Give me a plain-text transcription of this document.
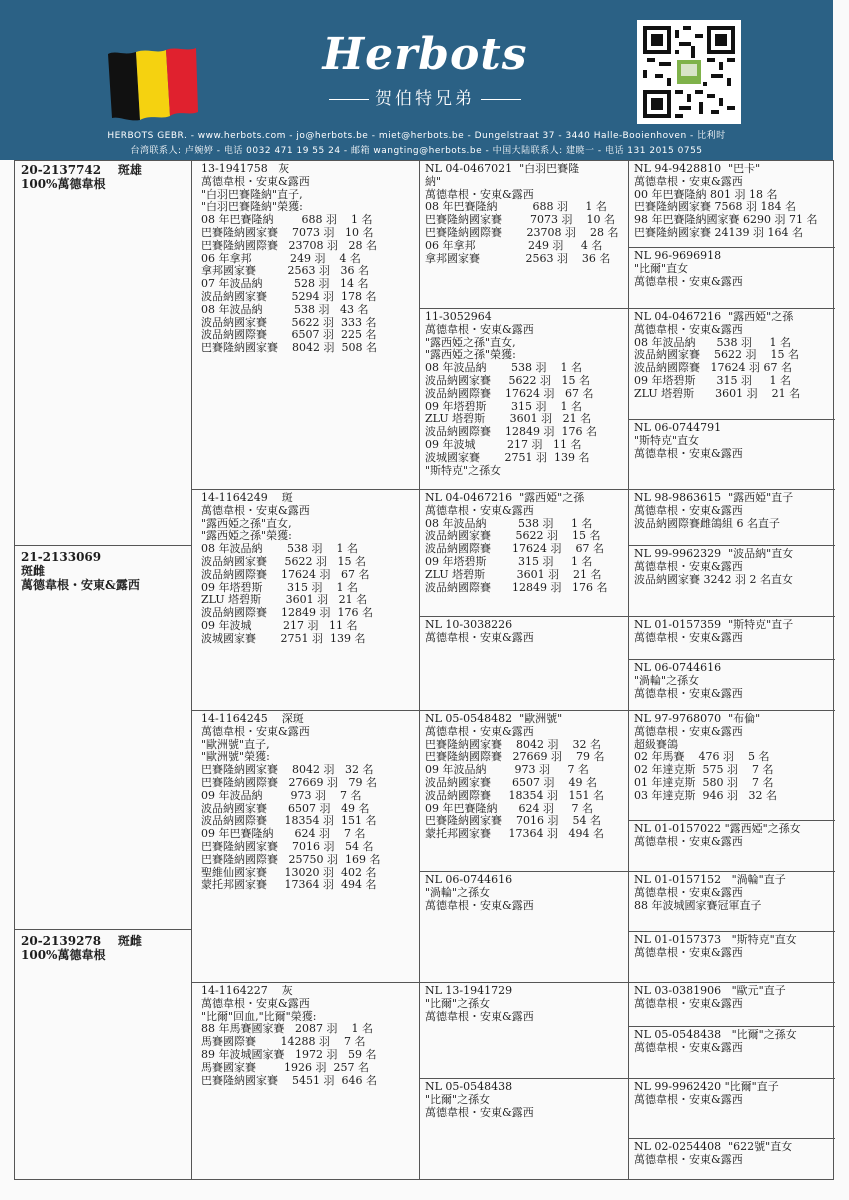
Herbots
贺伯特兄弟
HERBOTS GEBR. - www.herbots.com - jo@herbots.be - miet@herbots.be - Dungelstraat 37 - 3440 Halle-Booienhoven - 比利时
台湾联系人: 卢婉婷 - 电话 0032 471 19 55 24 - 邮箱 wangting@herbots.be - 中国大陆联系人: 建暁一 - 电话 131 2015 0755
20-2137742    斑雄
100%萬德韋根
21-2133069
斑雌
萬德韋根・安東&露西
20-2139278    斑雌
100%萬德韋根
13-1941758   灰
萬德韋根・安東&露西
"白羽巴賽隆納"直子,
"白羽巴賽隆納"榮獲:
08 年巴賽隆納        688 羽    1 名
巴賽隆納國家賽    7073 羽   10 名
巴賽隆納國際賽   23708 羽   28 名
06 年拿邦           249 羽    4 名
拿邦國家賽         2563 羽   36 名
07 年波品納         528 羽   14 名
波品納國家賽       5294 羽  178 名
08 年波品納         538 羽   43 名
波品納國家賽       5622 羽  333 名
波品納國際賽       6507 羽  225 名
巴賽隆納國家賽    8042 羽  508 名
14-1164249    斑
萬德韋根・安東&露西
"露西婭之孫"直女,
"露西婭之孫"榮獲:
08 年波品納       538 羽    1 名
波品納國家賽     5622 羽   15 名
波品納國際賽    17624 羽   67 名
09 年塔碧斯       315 羽    1 名
ZLU 塔碧斯       3601 羽   21 名
波品納國際賽    12849 羽  176 名
09 年波城         217 羽   11 名
波城國家賽       2751 羽  139 名
14-1164245    深斑
萬德韋根・安東&露西
"歐洲號"直子,
"歐洲號"榮獲:
巴賽隆納國家賽    8042 羽   32 名
巴賽隆納國際賽   27669 羽   79 名
09 年波品納        973 羽    7 名
波品納國家賽      6507 羽   49 名
波品納國際賽     18354 羽  151 名
09 年巴賽隆納      624 羽    7 名
巴賽隆納國家賽    7016 羽   54 名
巴賽隆納國際賽   25750 羽  169 名
聖維仙國家賽     13020 羽  402 名
蒙托邦國家賽     17364 羽  494 名
14-1164227    灰
萬德韋根・安東&露西
"比爾"回血,"比爾"榮獲:
88 年馬賽國家賽   2087 羽    1 名
馬賽國際賽       14288 羽    7 名
89 年波城國家賽   1972 羽   59 名
馬賽國家賽        1926 羽  257 名
巴賽隆納國家賽    5451 羽  646 名
NL 04-0467021  "白羽巴賽隆
納"
萬德韋根・安東&露西
08 年巴賽隆納          688 羽     1 名
巴賽隆納國家賽        7073 羽    10 名
巴賽隆納國際賽       23708 羽    28 名
06 年拿邦               249 羽     4 名
拿邦國家賽             2563 羽    36 名
11-3052964
萬德韋根・安東&露西
"露西婭之孫"直女,
"露西婭之孫"榮獲:
08 年波品納       538 羽    1 名
波品納國家賽     5622 羽   15 名
波品納國際賽    17624 羽   67 名
09 年塔碧斯       315 羽    1 名
ZLU 塔碧斯       3601 羽   21 名
波品納國際賽    12849 羽  176 名
09 年波城         217 羽   11 名
波城國家賽       2751 羽  139 名
"斯特克"之孫女
NL 04-0467216  "露西婭"之孫
萬德韋根・安東&露西
08 年波品納         538 羽     1 名
波品納國家賽       5622 羽    15 名
波品納國際賽      17624 羽    67 名
09 年塔碧斯         315 羽     1 名
ZLU 塔碧斯         3601 羽    21 名
波品納國際賽      12849 羽   176 名
NL 10-3038226
萬德韋根・安東&露西
NL 05-0548482  "歐洲號"
萬德韋根・安東&露西
巴賽隆納國家賽    8042 羽    32 名
巴賽隆納國際賽   27669 羽    79 名
09 年波品納        973 羽     7 名
波品納國家賽      6507 羽    49 名
波品納國際賽     18354 羽   151 名
09 年巴賽隆納      624 羽     7 名
巴賽隆納國家賽    7016 羽    54 名
蒙托邦國家賽     17364 羽   494 名
NL 06-0744616
"渦輪"之孫女
萬德韋根・安東&露西
NL 13-1941729
"比爾"之孫女
萬德韋根・安東&露西
NL 05-0548438
"比爾"之孫女
萬德韋根・安東&露西
NL 94-9428810  "巴卡"
萬德韋根・安東&露西
00 年巴賽隆納 801 羽 18 名
巴賽隆納國家賽 7568 羽 184 名
98 年巴賽隆納國家賽 6290 羽 71 名
巴賽隆納國家賽 24139 羽 164 名
NL 96-9696918
"比爾"直女
萬德韋根・安東&露西
NL 04-0467216  "露西婭"之孫
萬德韋根・安東&露西
08 年波品納      538 羽     1 名
波品納國家賽    5622 羽    15 名
波品納國際賽   17624 羽 67 名
09 年塔碧斯      315 羽     1 名
ZLU 塔碧斯      3601 羽    21 名
NL 06-0744791
"斯特克"直女
萬德韋根・安東&露西
NL 98-9863615  "露西婭"直子
萬德韋根・安東&露西
波品納國際賽雌鴿組 6 名直子
NL 99-9962329  "波品納"直女
萬德韋根・安東&露西
波品納國家賽 3242 羽 2 名直女
NL 01-0157359  "斯特克"直子
萬德韋根・安東&露西
NL 06-0744616
"渦輪"之孫女
萬德韋根・安東&露西
NL 97-9768070  "布倫"
萬德韋根・安東&露西
超級賽鴿
02 年馬賽    476 羽    5 名
02 年達克斯  575 羽    7 名
01 年達克斯  580 羽    7 名
03 年達克斯  946 羽   32 名
NL 01-0157022 "露西婭"之孫女
萬德韋根・安東&露西
NL 01-0157152   "渦輪"直子
萬德韋根・安東&露西
88 年波城國家賽冠軍直子
NL 01-0157373   "斯特克"直女
萬德韋根・安東&露西
NL 03-0381906   "歐元"直子
萬德韋根・安東&露西
NL 05-0548438   "比爾"之孫女
萬德韋根・安東&露西
NL 99-9962420 "比爾"直子
萬德韋根・安東&露西
NL 02-0254408  "622號"直女
萬德韋根・安東&露西
